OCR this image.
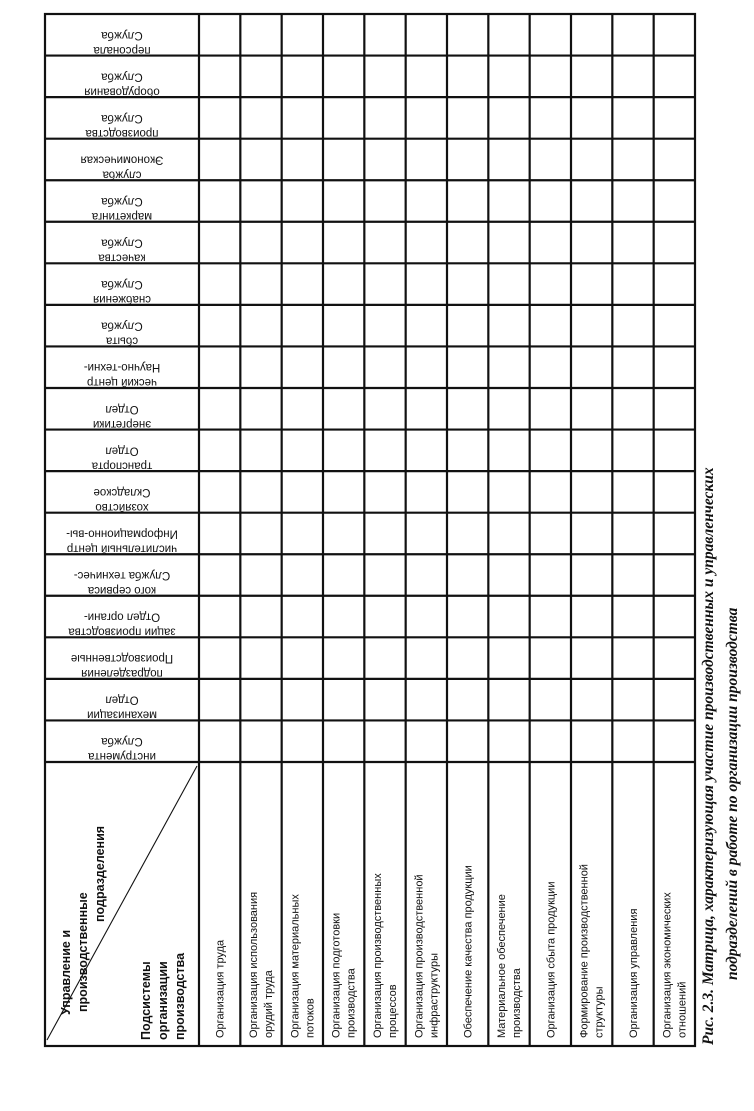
Служба
персонала
Служба
оборудования
Служба
производства
Экономическая
служба
Служба
маркетинга
Служба
качества
Служба
снабжения
Служба
сбыта
Научно-техни-
ческий центр
Отдел
энергетики
Отдел
транспорта
Складское
хозяйство
Информационно-вы-
числительный центр
Служба техничес-
кого сервиса
Отдел органи-
зации производства
Производственные
подразделения
Отдел
механизации
Служба
инструмента
Организация труда Организация использования орудий труда Организация материальных потоков Организация подготовки производства Организация производственных процессов Организация производственной инфраструктуры Обеспечение качества продукции Материальное обеспечение производства Организация сбыта продукции Формирование производственной структуры Организация управления Организация экономических отношений
Управление и производственные
подразделения
Подсистемы организации производства	Рис. 2.3. Матрица, характеризующая участие производственных и управленческих подразделений в работе по организации производства
